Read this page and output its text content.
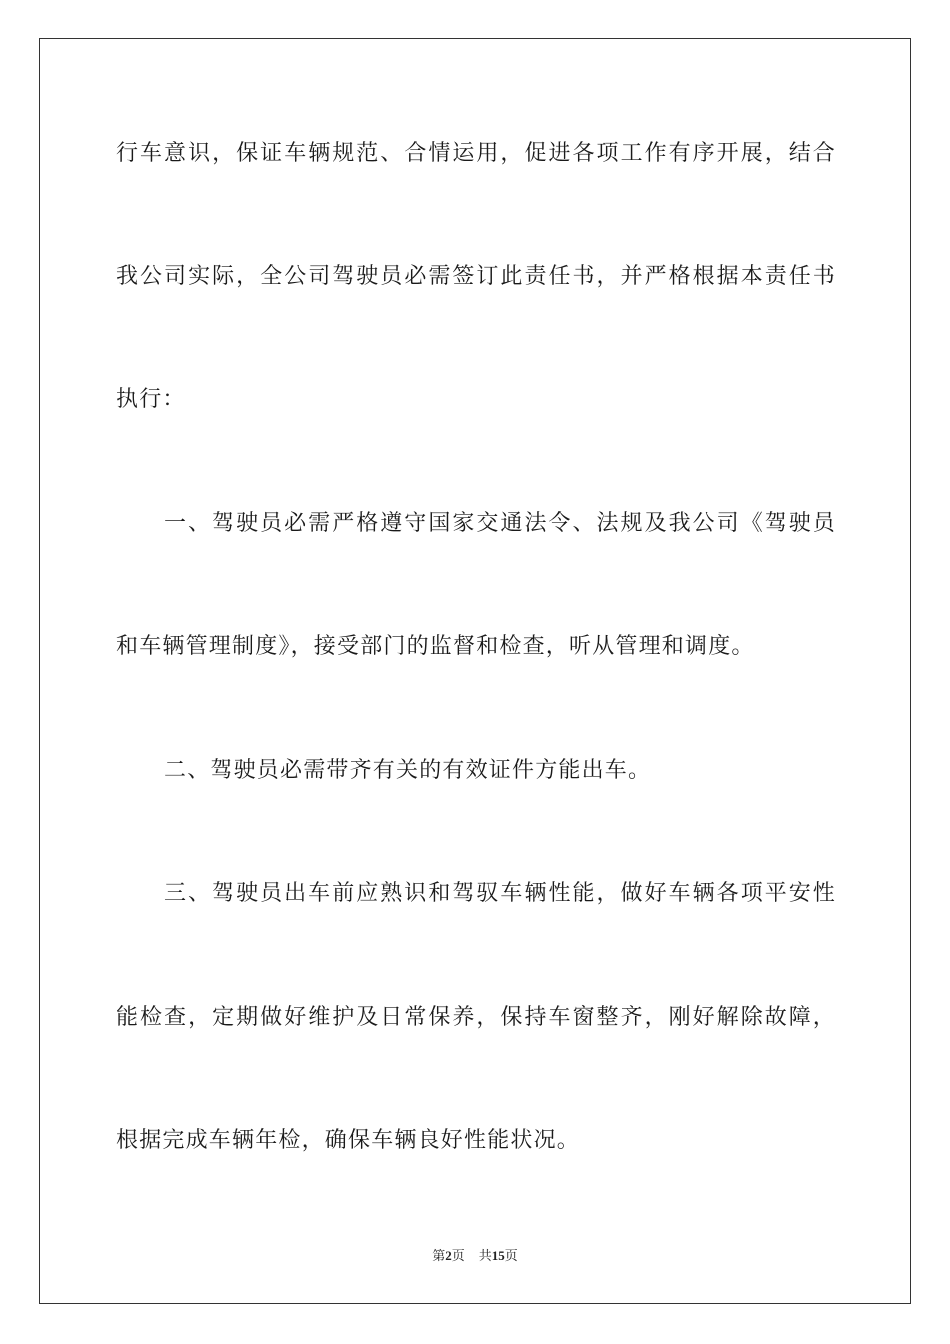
行车意识，保证车辆规范、合情运用，促进各项工作有序开展，结合
我公司实际，全公司驾驶员必需签订此责任书，并严格根据本责任书
执行：
一、驾驶员必需严格遵守国家交通法令、法规及我公司《驾驶员
和车辆管理制度》，接受部门的监督和检查，听从管理和调度。
二、驾驶员必需带齐有关的有效证件方能出车。
三、驾驶员出车前应熟识和驾驭车辆性能，做好车辆各项平安性
能检查，定期做好维护及日常保养，保持车窗整齐，刚好解除故障，
根据完成车辆年检，确保车辆良好性能状况。
第2页 共15页
